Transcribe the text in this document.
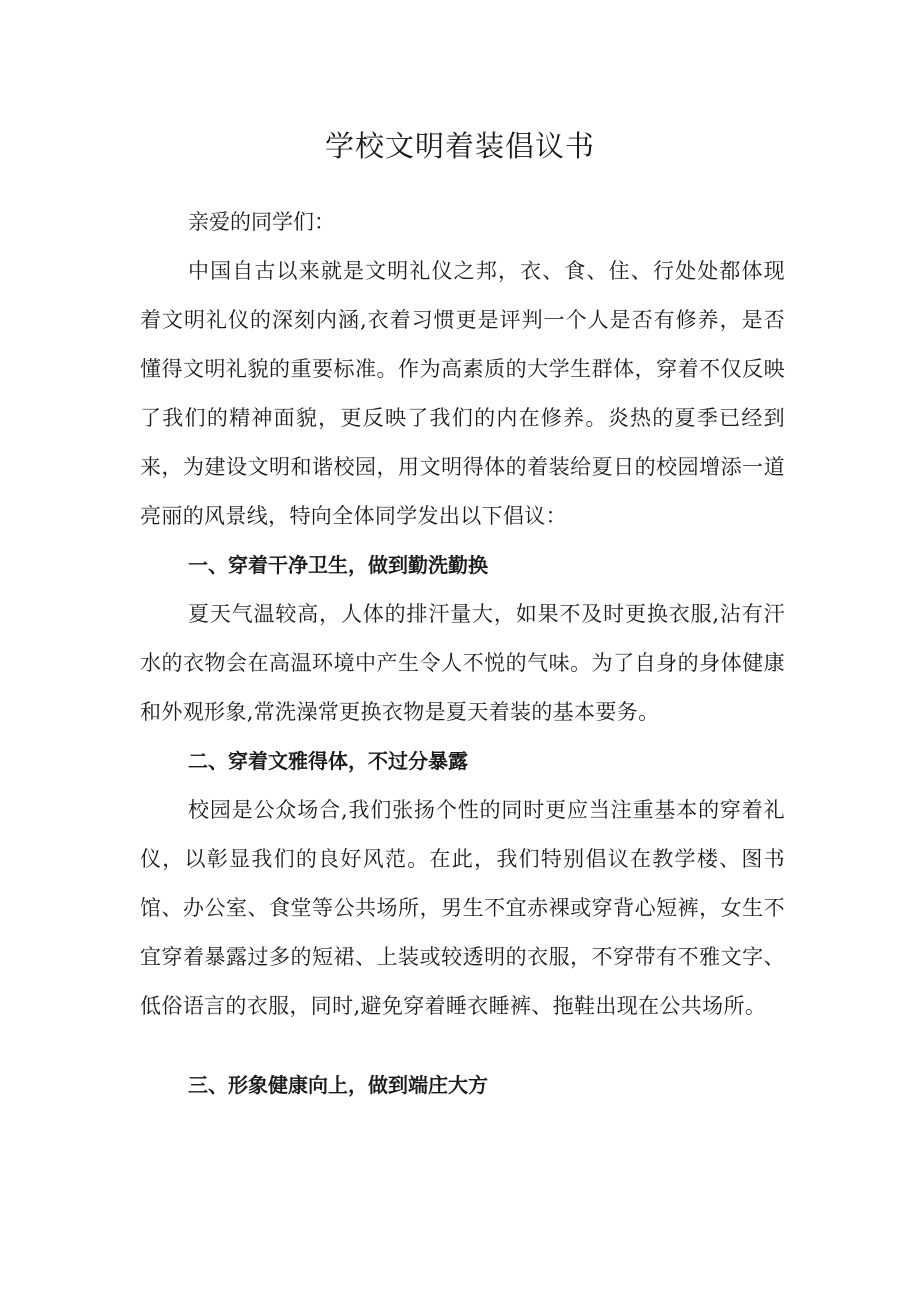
学校文明着装倡议书

亲爱的同学们：

中国自古以来就是文明礼仪之邦，衣、食、住、行处处都体现着文明礼仪的深刻内涵,衣着习惯更是评判一个人是否有修养，是否懂得文明礼貌的重要标准。作为高素质的大学生群体，穿着不仅反映了我们的精神面貌，更反映了我们的内在修养。炎热的夏季已经到来，为建设文明和谐校园，用文明得体的着装给夏日的校园增添一道亮丽的风景线，特向全体同学发出以下倡议：

一、穿着干净卫生，做到勤洗勤换

夏天气温较高，人体的排汗量大，如果不及时更换衣服,沾有汗水的衣物会在高温环境中产生令人不悦的气味。为了自身的身体健康和外观形象,常洗澡常更换衣物是夏天着装的基本要务。

二、穿着文雅得体，不过分暴露

校园是公众场合,我们张扬个性的同时更应当注重基本的穿着礼仪，以彰显我们的良好风范。在此，我们特别倡议在教学楼、图书馆、办公室、食堂等公共场所，男生不宜赤裸或穿背心短裤，女生不宜穿着暴露过多的短裙、上装或较透明的衣服，不穿带有不雅文字、低俗语言的衣服，同时,避免穿着睡衣睡裤、拖鞋出现在公共场所。

三、形象健康向上，做到端庄大方
